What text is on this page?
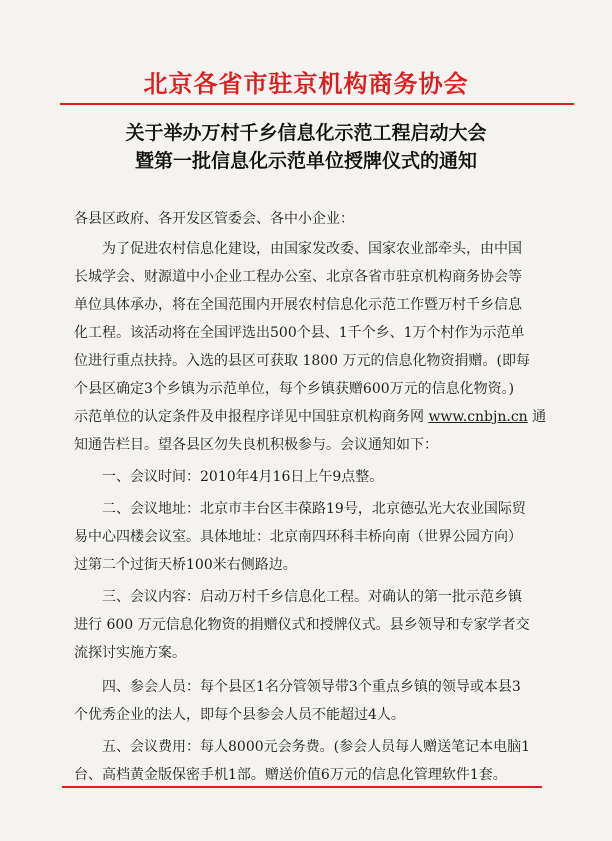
北京各省市驻京机构商务协会
关于举办万村千乡信息化示范工程启动大会
暨第一批信息化示范单位授牌仪式的通知
各县区政府、各开发区管委会、各中小企业：
为了促进农村信息化建设，由国家发改委、国家农业部牵头，由中国
长城学会、财源道中小企业工程办公室、北京各省市驻京机构商务协会等
单位具体承办，将在全国范围内开展农村信息化示范工作暨万村千乡信息
化工程。该活动将在全国评选出500个县、1千个乡、1万个村作为示范单
位进行重点扶持。入选的县区可获取 1800 万元的信息化物资捐赠。(即每
个县区确定3个乡镇为示范单位，每个乡镇获赠600万元的信息化物资。)
示范单位的认定条件及申报程序详见中国驻京机构商务网 www.cnbjn.cn 通
知通告栏目。望各县区勿失良机积极参与。会议通知如下：
一、会议时间：2010年4月16日上午9点整。
二、会议地址：北京市丰台区丰葆路19号，北京德弘光大农业国际贸
易中心四楼会议室。具体地址：北京南四环科丰桥向南（世界公园方向）
过第二个过街天桥100米右侧路边。
三、会议内容：启动万村千乡信息化工程。对确认的第一批示范乡镇
进行 600 万元信息化物资的捐赠仪式和授牌仪式。县乡领导和专家学者交
流探讨实施方案。
四、参会人员：每个县区1名分管领导带3个重点乡镇的领导或本县3
个优秀企业的法人，即每个县参会人员不能超过4人。
五、会议费用：每人8000元会务费。(参会人员每人赠送笔记本电脑1
台、高档黄金版保密手机1部。赠送价值6万元的信息化管理软件1套。
